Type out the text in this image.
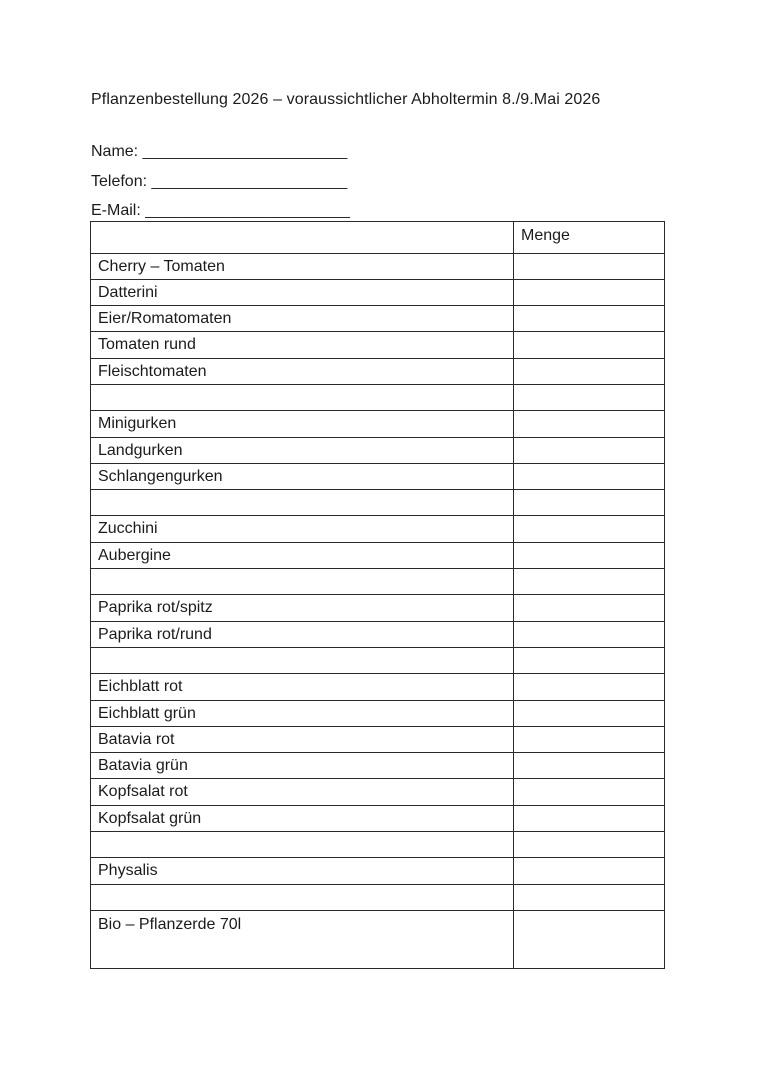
Pflanzenbestellung 2026 – voraussichtlicher Abholtermin 8./9.Mai 2026
Name: _______________________
Telefon: ______________________
E-Mail: _______________________
	Menge
Cherry – Tomaten	
Datterini	
Eier/Romatomaten	
Tomaten rund	
Fleischtomaten	

Minigurken	
Landgurken	
Schlangengurken	

Zucchini	
Aubergine	

Paprika rot/spitz	
Paprika rot/rund	

Eichblatt rot	
Eichblatt grün	
Batavia rot	
Batavia grün	
Kopfsalat rot	
Kopfsalat grün	

Physalis	

Bio – Pflanzerde 70l	
